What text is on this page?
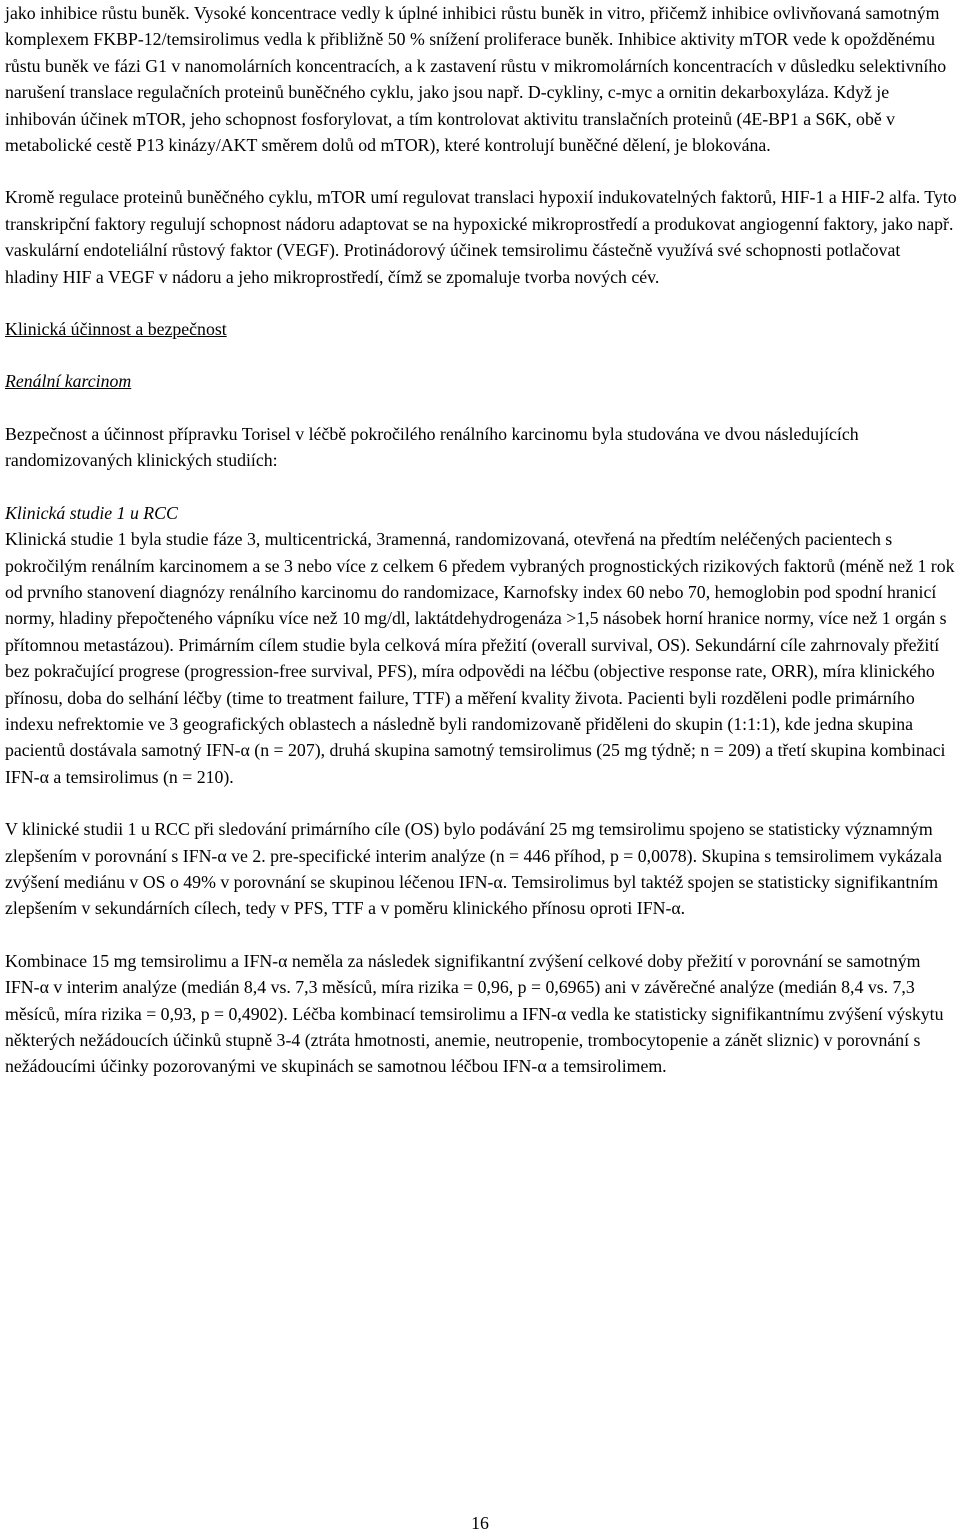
jako inhibice růstu buněk. Vysoké koncentrace vedly k úplné inhibici růstu buněk in vitro, přičemž inhibice ovlivňovaná samotným komplexem FKBP-12/temsirolimus vedla k přibližně 50 % snížení proliferace buněk. Inhibice aktivity mTOR vede k opožděnému růstu buněk ve fázi G1 v nanomolárních koncentracích, a k zastavení růstu v mikromolárních koncentracích v důsledku selektivního narušení translace regulačních proteinů buněčného cyklu, jako jsou např. D-cykliny, c-myc a ornitin dekarboxyláza. Když je inhibován účinek mTOR, jeho schopnost fosforylovat, a tím kontrolovat aktivitu translačních proteinů (4E-BP1 a S6K, obě v metabolické cestě P13 kinázy/AKT směrem dolů od mTOR), které kontrolují buněčné dělení, je blokována.

Kromě regulace proteinů buněčného cyklu, mTOR umí regulovat translaci hypoxií indukovatelných faktorů, HIF-1 a HIF-2 alfa. Tyto transkripční faktory regulují schopnost nádoru adaptovat se na hypoxické mikroprostředí a produkovat angiogenní faktory, jako např. vaskulární endoteliální růstový faktor (VEGF). Protinádorový účinek temsirolimu částečně využívá své schopnosti potlačovat hladiny HIF a VEGF v nádoru a jeho mikroprostředí, čímž se zpomaluje tvorba nových cév.

Klinická účinnost a bezpečnost

Renální karcinom

Bezpečnost a účinnost přípravku Torisel v léčbě pokročilého renálního karcinomu byla studována ve dvou následujících randomizovaných klinických studiích:

Klinická studie 1 u RCC

Klinická studie 1 byla studie fáze 3, multicentrická, 3ramenná, randomizovaná, otevřená na předtím neléčených pacientech s pokročilým renálním karcinomem a se 3 nebo více z celkem 6 předem vybraných prognostických rizikových faktorů (méně než 1 rok od prvního stanovení diagnózy renálního karcinomu do randomizace, Karnofsky index 60 nebo 70, hemoglobin pod spodní hranicí normy, hladiny přepočteného vápníku více než 10 mg/dl, laktátdehydrogenáza >1,5 násobek horní hranice normy, více než 1 orgán s přítomnou metastázou). Primárním cílem studie byla celková míra přežití (overall survival, OS). Sekundární cíle zahrnovaly přežití bez pokračující progrese (progression-free survival, PFS), míra odpovědi na léčbu (objective response rate, ORR), míra klinického přínosu, doba do selhání léčby (time to treatment failure, TTF) a měření kvality života. Pacienti byli rozděleni podle primárního indexu nefrektomie ve 3 geografických oblastech a následně byli randomizovaně přiděleni do skupin (1:1:1), kde jedna skupina pacientů dostávala samotný IFN-α (n = 207), druhá skupina samotný temsirolimus (25 mg týdně; n = 209) a třetí skupina kombinaci IFN-α a temsirolimus (n = 210).

V klinické studii 1 u RCC při sledování primárního cíle (OS) bylo podávání 25 mg temsirolimu spojeno se statisticky významným zlepšením v porovnání s IFN-α ve 2. pre-specifické interim analýze (n = 446 příhod, p = 0,0078). Skupina s temsirolimem vykázala zvýšení mediánu v OS o 49% v porovnání se skupinou léčenou IFN-α. Temsirolimus byl taktéž spojen se statisticky signifikantním zlepšením v sekundárních cílech, tedy v PFS, TTF a v poměru klinického přínosu oproti IFN-α.

Kombinace 15 mg temsirolimu a IFN-α neměla za následek signifikantní zvýšení celkové doby přežití v porovnání se samotným IFN-α v interim analýze (medián 8,4 vs. 7,3 měsíců, míra rizika = 0,96, p = 0,6965) ani v závěrečné analýze (medián 8,4 vs. 7,3 měsíců, míra rizika = 0,93, p = 0,4902). Léčba kombinací temsirolimu a IFN-α vedla ke statisticky signifikantnímu zvýšení výskytu některých nežádoucích účinků stupně 3-4 (ztráta hmotnosti, anemie, neutropenie, trombocytopenie a zánět sliznic) v porovnání s nežádoucími účinky pozorovanými ve skupinách se samotnou léčbou IFN-α a temsirolimem.

16
